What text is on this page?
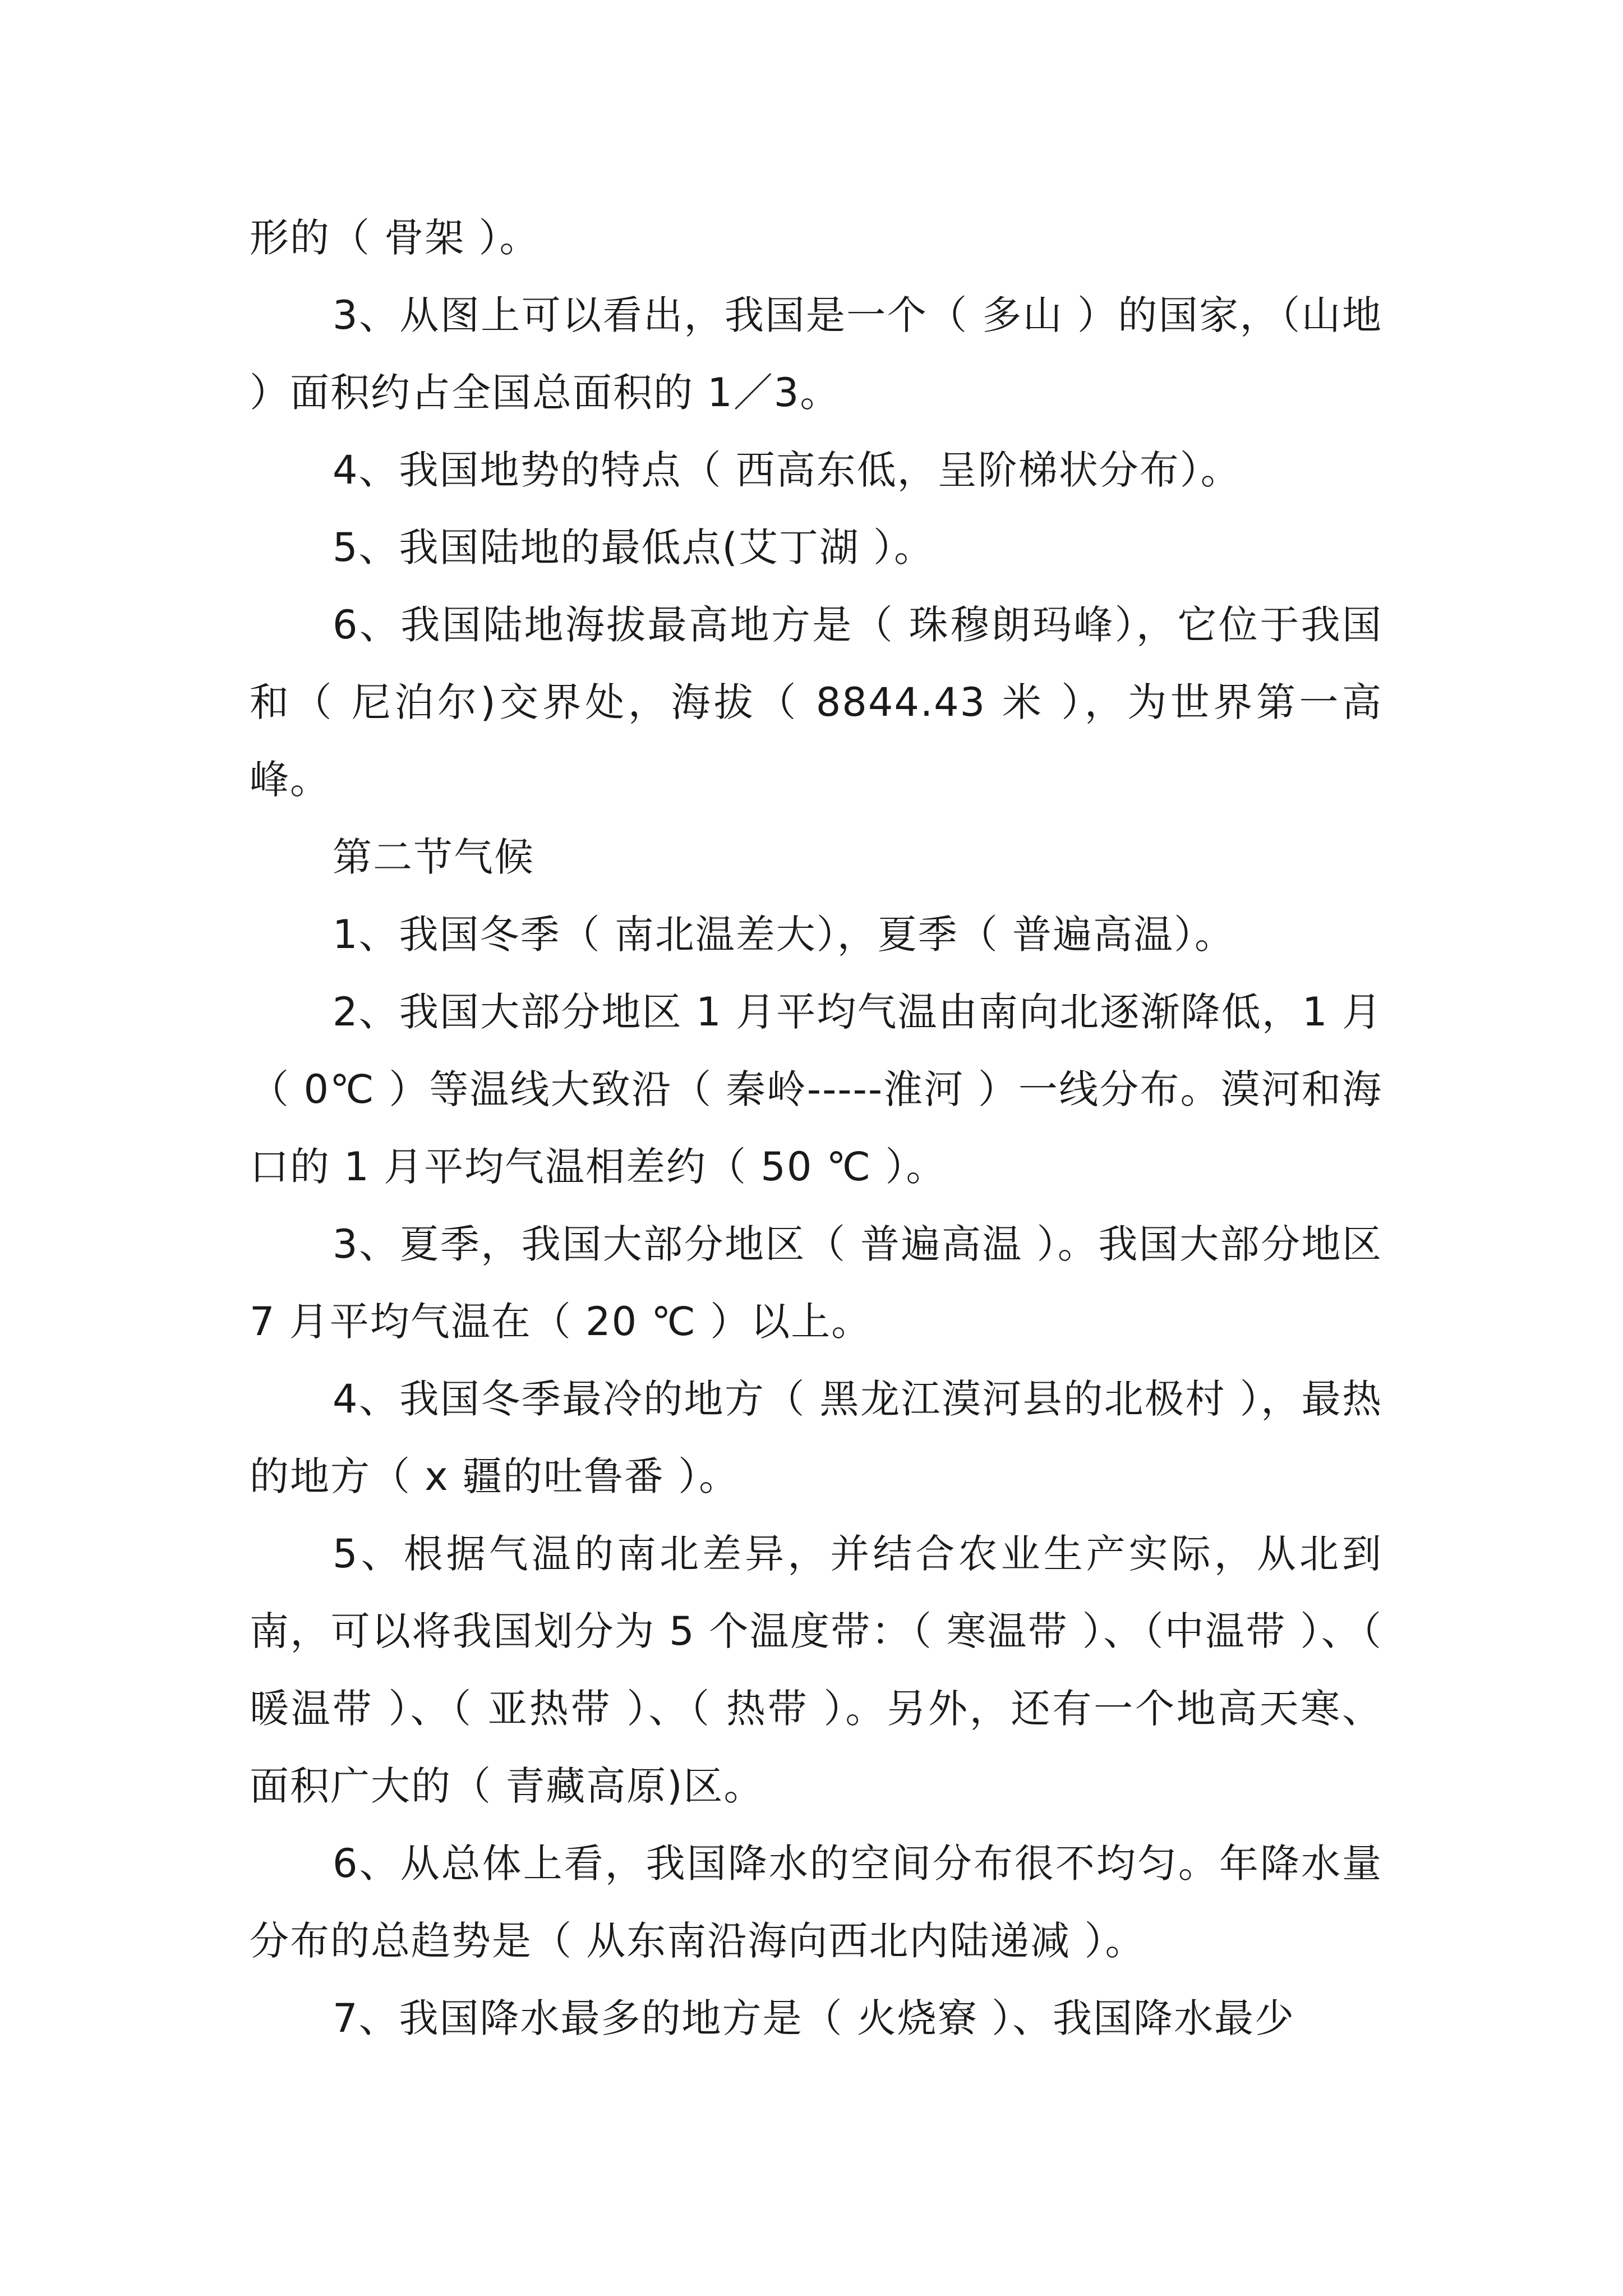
形的（ 骨架 ）。

3、从图上可以看出，我国是一个（ 多山 ）的国家，（山地 ）面积约占全国总面积的 1／3。

4、我国地势的特点（ 西高东低，呈阶梯状分布）。

5、我国陆地的最低点(艾丁湖 ）。

6、我国陆地海拔最高地方是（ 珠穆朗玛峰），它位于我国和（ 尼泊尔)交界处，海拔（ 8844.43 米 ），为世界第一高峰。

第二节气候

1、我国冬季（ 南北温差大），夏季（ 普遍高温）。

2、我国大部分地区 1 月平均气温由南向北逐渐降低，1 月（ 0℃ ）等温线大致沿（ 秦岭-----淮河 ）一线分布。漠河和海口的 1 月平均气温相差约（ 50 ℃ ）。

3、夏季，我国大部分地区（ 普遍高温 ）。我国大部分地区 7 月平均气温在（ 20 ℃ ）以上。

4、我国冬季最冷的地方（ 黑龙江漠河县的北极村 ），最热的地方（ x 疆的吐鲁番 ）。

5、根据气温的南北差异，并结合农业生产实际，从北到南，可以将我国划分为 5 个温度带：（ 寒温带 ）、（中温带 ）、（ 暖温带 ）、（ 亚热带 ）、（ 热带 ）。另外，还有一个地高天寒、面积广大的（ 青藏高原)区。

6、从总体上看，我国降水的空间分布很不均匀。年降水量分布的总趋势是（ 从东南沿海向西北内陆递减 ）。

7、我国降水最多的地方是（ 火烧寮 ）、我国降水最少
